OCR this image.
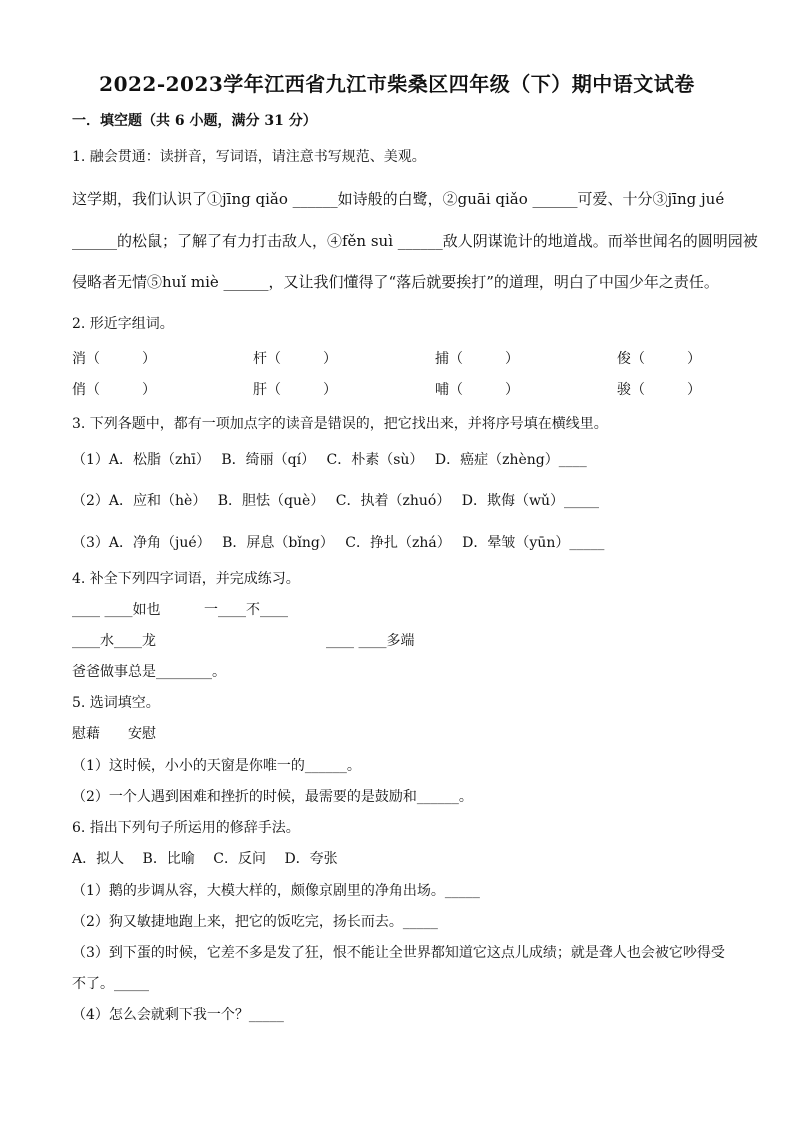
2022-2023学年江西省九江市柴桑区四年级（下）期中语文试卷
一．填空题（共 6 小题，满分 31 分）
1. 融会贯通：读拼音，写词语，请注意书写规范、美观。
这学期，我们认识了①jīng qiǎo ______如诗般的白鹭，②guāi qiǎo ______可爱、十分③jīng jué
______的松鼠；了解了有力打击敌人，④fěn suì ______敌人阴谋诡计的地道战。而举世闻名的圆明园被
侵略者无情⑤huǐ miè ______，又让我们懂得了“落后就要挨打”的道理，明白了中国少年之责任。
2. 形近字组词。
消（　　　）	杆（　　　）	捕（　　　）	俊（　　　）
俏（　　　）	肝（　　　）	哺（　　　）	骏（　　　）
3. 下列各题中，都有一项加点字的读音是错误的，把它找出来，并将序号填在横线里。
（1）A．松脂（zhī）　 B．绮丽（qí）　 C．朴素（sù）　 D．癌症（zhèng）____
（2）A．应和（hè）　 B．胆怯（què）　 C．执着（zhuó）　 D．欺侮（wǔ）_____
（3）A．净角（jué）　 B．屏息（bǐng）　 C．挣扎（zhá）　 D．晕皱（yūn）_____
4. 补全下列四字词语，并完成练习。
____ ____如也	一____不____
____水____龙	____ ____多端
爸爸做事总是________。
5. 选词填空。
慰藉　　安慰
（1）这时候，小小的天窗是你唯一的______。
（2）一个人遇到困难和挫折的时候，最需要的是鼓励和______。
6. 指出下列句子所运用的修辞手法。
A．拟人　 B．比喻　 C．反问　 D．夸张
（1）鹅的步调从容，大模大样的，颇像京剧里的净角出场。_____
（2）狗又敏捷地跑上来，把它的饭吃完，扬长而去。_____
（3）到下蛋的时候，它差不多是发了狂，恨不能让全世界都知道它这点儿成绩；就是聋人也会被它吵得受
不了。_____
（4）怎么会就剩下我一个？_____
